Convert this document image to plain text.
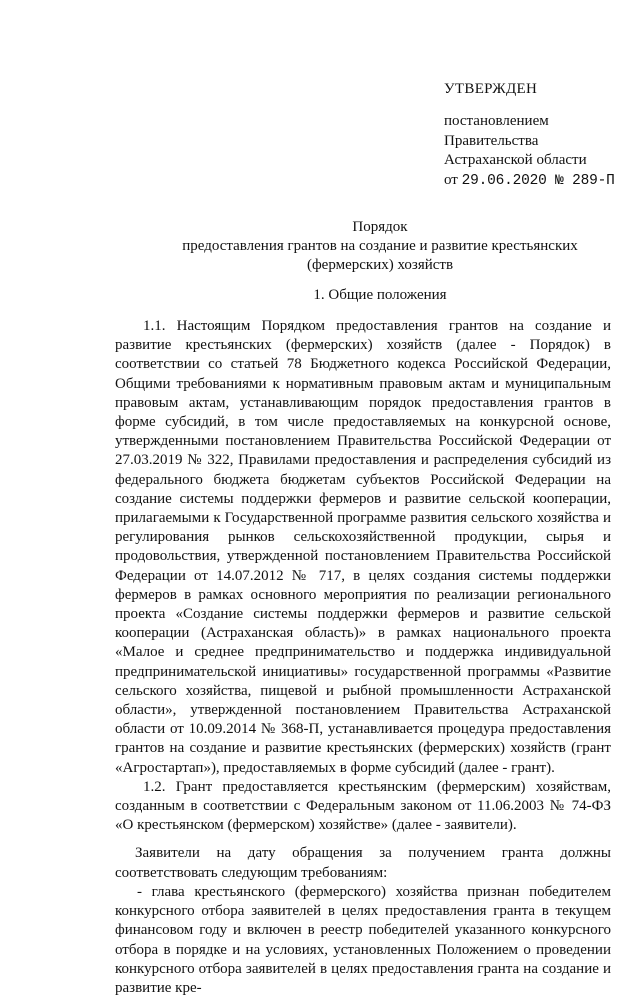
УТВЕРЖДЕН
постановлением
Правительства
Астраханской области
от 29.06.2020 № 289-П
Порядок
предоставления грантов на создание и развитие крестьянских
(фермерских) хозяйств
1. Общие положения

1.1. Настоящим Порядком предоставления грантов на создание и развитие крестьянских (фермерских) хозяйств (далее - Порядок) в соответствии со статьей 78 Бюджетного кодекса Российской Федерации, Общими требованиями к нормативным правовым актам и муниципальным правовым актам, устанавливающим порядок предоставления грантов в форме субсидий, в том числе предоставляемых на конкурсной основе, утвержденными постановлением Правительства Российской Федерации от 27.03.2019 № 322, Правилами предоставления и распределения субсидий из федерального бюджета бюджетам субъектов Российской Федерации на создание системы поддержки фермеров и развитие сельской кооперации, прилагаемыми к Государственной программе развития сельского хозяйства и регулирования рынков сельскохозяйственной продукции, сырья и продовольствия, утвержденной постановлением Правительства Российской Федерации от 14.07.2012 № 717, в целях создания системы поддержки фермеров в рамках основного мероприятия по реализации регионального проекта «Создание системы поддержки фермеров и развитие сельской кооперации (Астраханская область)» в рамках национального проекта «Малое и среднее предпринимательство и поддержка индивидуальной предпринимательской инициативы» государственной программы «Развитие сельского хозяйства, пищевой и рыбной промышленности Астраханской области», утвержденной постановлением Правительства Астраханской области от 10.09.2014 № 368-П, устанавливается процедура предоставления грантов на создание и развитие крестьянских (фермерских) хозяйств (грант «Агростартап»), предоставляемых в форме субсидий (далее - грант).

1.2. Грант предоставляется крестьянским (фермерским) хозяйствам, созданным в соответствии с Федеральным законом от 11.06.2003 № 74-ФЗ «О крестьянском (фермерском) хозяйстве» (далее - заявители).

Заявители на дату обращения за получением гранта должны соответствовать следующим требованиям:

- глава крестьянского (фермерского) хозяйства признан победителем конкурсного отбора заявителей в целях предоставления гранта в текущем финансовом году и включен в реестр победителей указанного конкурсного отбора в порядке и на условиях, установленных Положением о проведении конкурсного отбора заявителей в целях предоставления гранта на создание и развитие кре-
